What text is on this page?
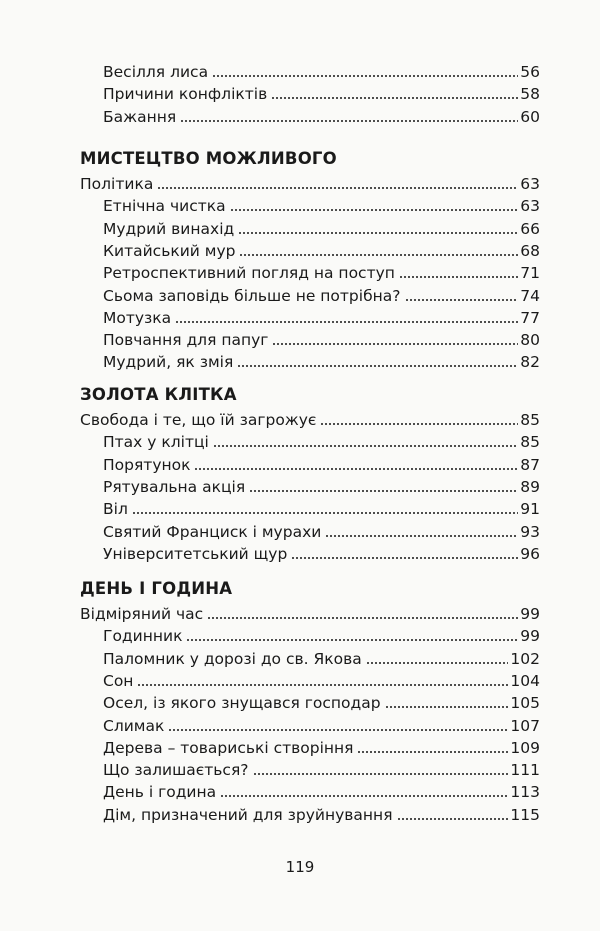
Весілля лиса	56
Причини конфліктів	58
Бажання	60
МИСТЕЦТВО МОЖЛИВОГО
Політика	63
Етнічна чистка	63
Мудрий винахід	66
Китайський мур	68
Ретроспективний погляд на поступ	71
Сьома заповідь більше не потрібна?	74
Мотузка	77
Повчання для папуг	80
Мудрий, як змія	82
ЗОЛОТА КЛІТКА
Свобода і те, що їй загрожує	85
Птах у клітці	85
Порятунок	87
Рятувальна акція	89
Віл	91
Святий Франциск і мурахи	93
Університетський щур	96
ДЕНЬ І ГОДИНА
Відміряний час	99
Годинник	99
Паломник у дорозі до св. Якова	102
Сон	104
Осел, із якого знущався господар	105
Слимак	107
Дерева – товариські створіння	109
Що залишається?	111
День і година	113
Дім, призначений для зруйнування	115
119
